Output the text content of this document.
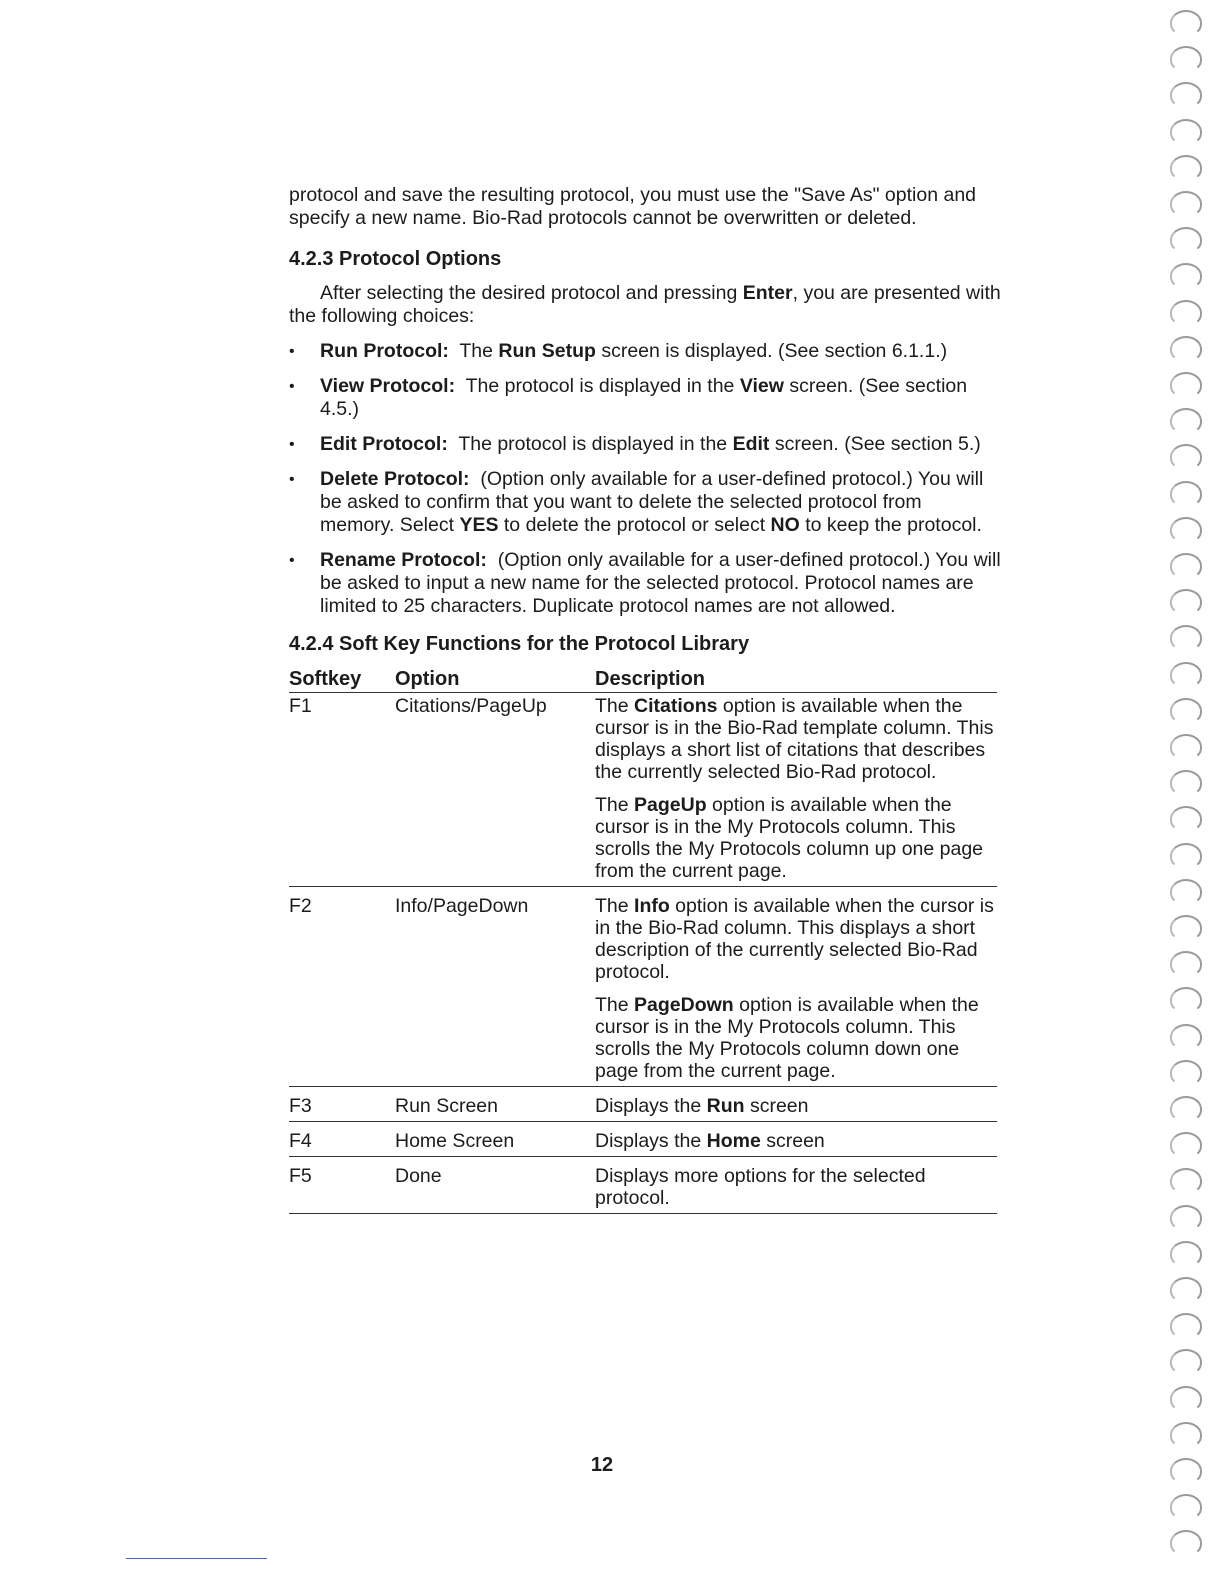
protocol and save the resulting protocol, you must use the "Save As" option and specify a new name. Bio-Rad protocols cannot be overwritten or deleted.

4.2.3 Protocol Options

After selecting the desired protocol and pressing Enter, you are presented with the following choices:

• Run Protocol: The Run Setup screen is displayed. (See section 6.1.1.)
• View Protocol: The protocol is displayed in the View screen. (See section 4.5.)
• Edit Protocol: The protocol is displayed in the Edit screen. (See section 5.)
• Delete Protocol: (Option only available for a user-defined protocol.) You will be asked to confirm that you want to delete the selected protocol from memory. Select YES to delete the protocol or select NO to keep the protocol.
• Rename Protocol: (Option only available for a user-defined protocol.) You will be asked to input a new name for the selected protocol. Protocol names are limited to 25 characters. Duplicate protocol names are not allowed.
4.2.4 Soft Key Functions for the Protocol Library
Softkey	Option	Description
F1	Citations/PageUp	The Citations option is available when the cursor is in the Bio-Rad template column. This displays a short list of citations that describes the currently selected Bio-Rad protocol.

The PageUp option is available when the cursor is in the My Protocols column. This scrolls the My Protocols column up one page from the current page.

F2	Info/PageDown	The Info option is available when the cursor is in the Bio-Rad column. This displays a short description of the currently selected Bio-Rad protocol.

The PageDown option is available when the cursor is in the My Protocols column. This scrolls the My Protocols column down one page from the current page.

F3	Run Screen	Displays the Run screen
F4	Home Screen	Displays the Home screen
F5	Done	Displays more options for the selected protocol.
12
